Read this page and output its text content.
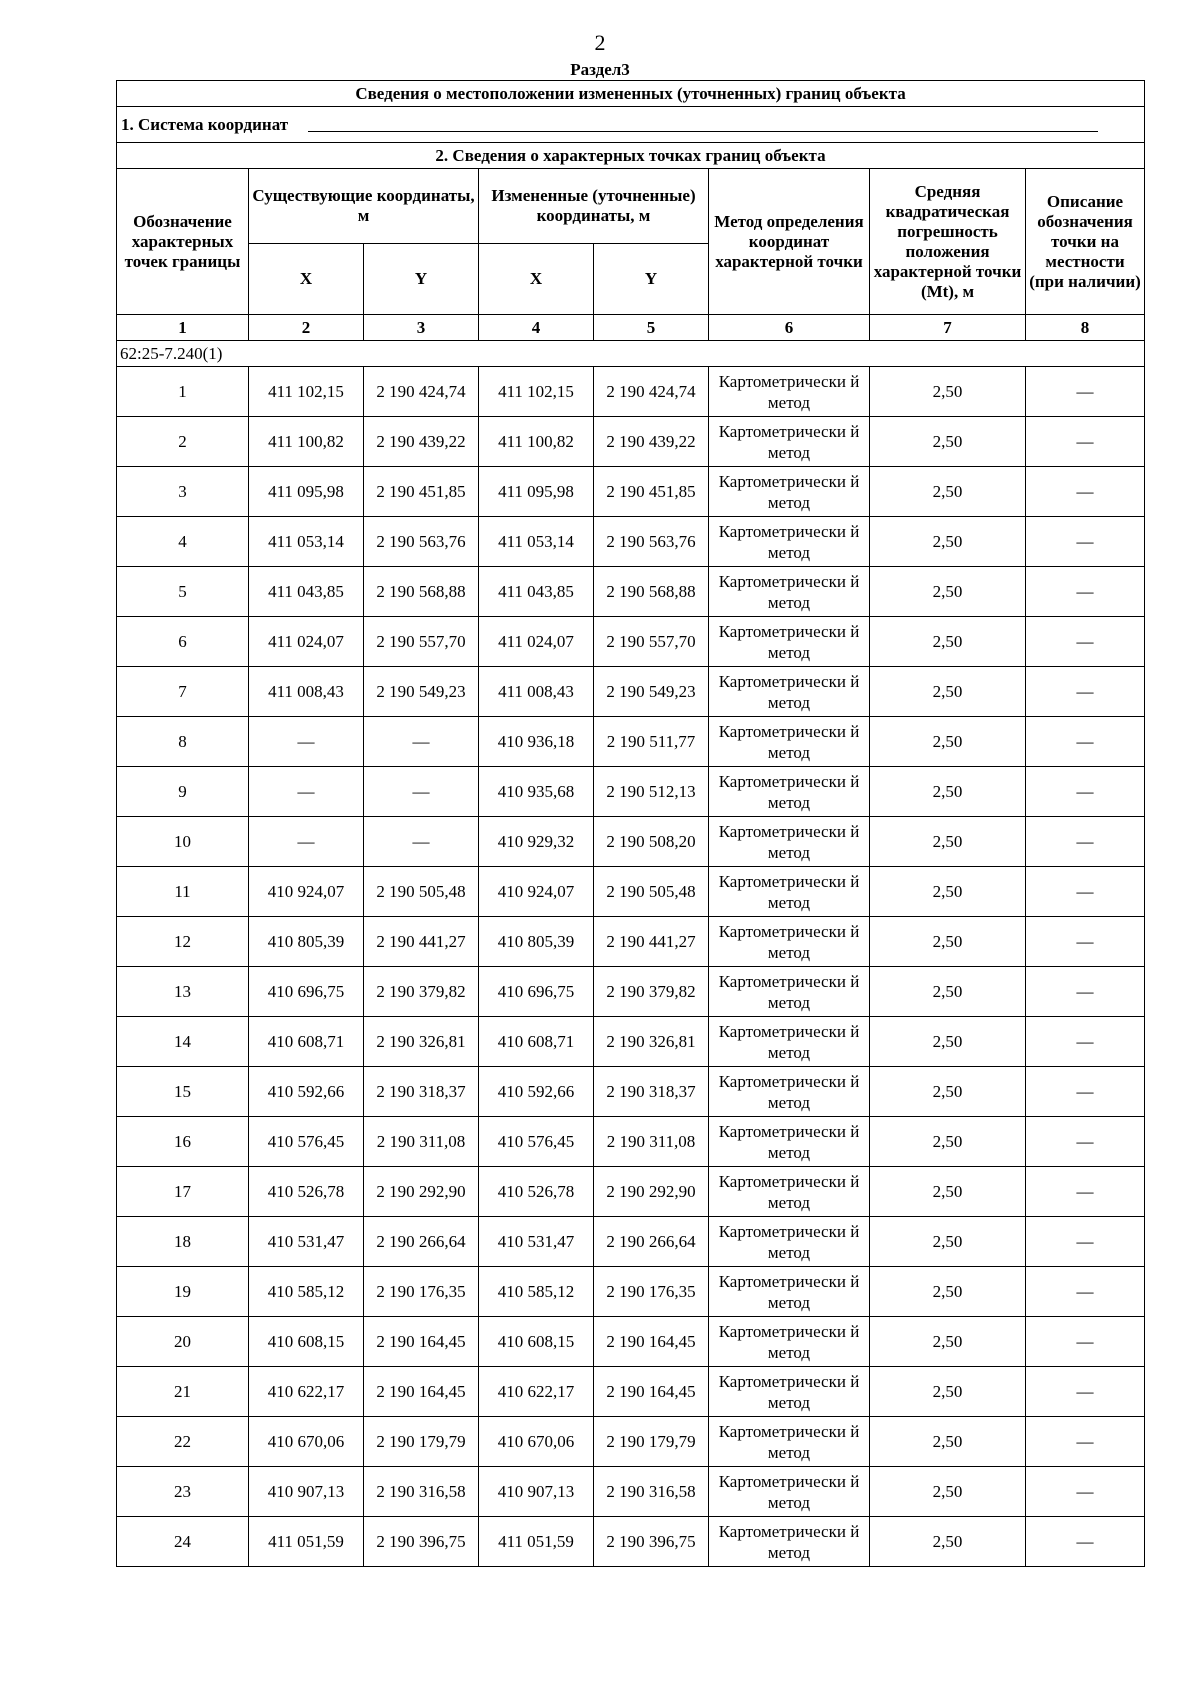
2
Раздел3
Сведения о местоположении измененных (уточненных) границ объекта							
1. Система координат							
2. Сведения о характерных точках границ объекта							
Обозначение характерных точек границы	Существующие координаты, м		Измененные (уточненные) координаты, м		Метод определения координат характерной точки	Средняя квадратическая погрешность положения характерной точки (Mt), м	Описание обозначения точки на местности (при наличии)
	X	Y	X	Y			
1	2	3	4	5	6	7	8
62:25-7.240(1)							
1	411 102,15	2 190 424,74	411 102,15	2 190 424,74	Картометрически й метод	2,50	—
2	411 100,82	2 190 439,22	411 100,82	2 190 439,22	Картометрически й метод	2,50	—
3	411 095,98	2 190 451,85	411 095,98	2 190 451,85	Картометрически й метод	2,50	—
4	411 053,14	2 190 563,76	411 053,14	2 190 563,76	Картометрически й метод	2,50	—
5	411 043,85	2 190 568,88	411 043,85	2 190 568,88	Картометрически й метод	2,50	—
6	411 024,07	2 190 557,70	411 024,07	2 190 557,70	Картометрически й метод	2,50	—
7	411 008,43	2 190 549,23	411 008,43	2 190 549,23	Картометрически й метод	2,50	—
8	—	—	410 936,18	2 190 511,77	Картометрически й метод	2,50	—
9	—	—	410 935,68	2 190 512,13	Картометрически й метод	2,50	—
10	—	—	410 929,32	2 190 508,20	Картометрически й метод	2,50	—
11	410 924,07	2 190 505,48	410 924,07	2 190 505,48	Картометрически й метод	2,50	—
12	410 805,39	2 190 441,27	410 805,39	2 190 441,27	Картометрически й метод	2,50	—
13	410 696,75	2 190 379,82	410 696,75	2 190 379,82	Картометрически й метод	2,50	—
14	410 608,71	2 190 326,81	410 608,71	2 190 326,81	Картометрически й метод	2,50	—
15	410 592,66	2 190 318,37	410 592,66	2 190 318,37	Картометрически й метод	2,50	—
16	410 576,45	2 190 311,08	410 576,45	2 190 311,08	Картометрически й метод	2,50	—
17	410 526,78	2 190 292,90	410 526,78	2 190 292,90	Картометрически й метод	2,50	—
18	410 531,47	2 190 266,64	410 531,47	2 190 266,64	Картометрически й метод	2,50	—
19	410 585,12	2 190 176,35	410 585,12	2 190 176,35	Картометрически й метод	2,50	—
20	410 608,15	2 190 164,45	410 608,15	2 190 164,45	Картометрически й метод	2,50	—
21	410 622,17	2 190 164,45	410 622,17	2 190 164,45	Картометрически й метод	2,50	—
22	410 670,06	2 190 179,79	410 670,06	2 190 179,79	Картометрически й метод	2,50	—
23	410 907,13	2 190 316,58	410 907,13	2 190 316,58	Картометрически й метод	2,50	—
24	411 051,59	2 190 396,75	411 051,59	2 190 396,75	Картометрически й метод	2,50	—
